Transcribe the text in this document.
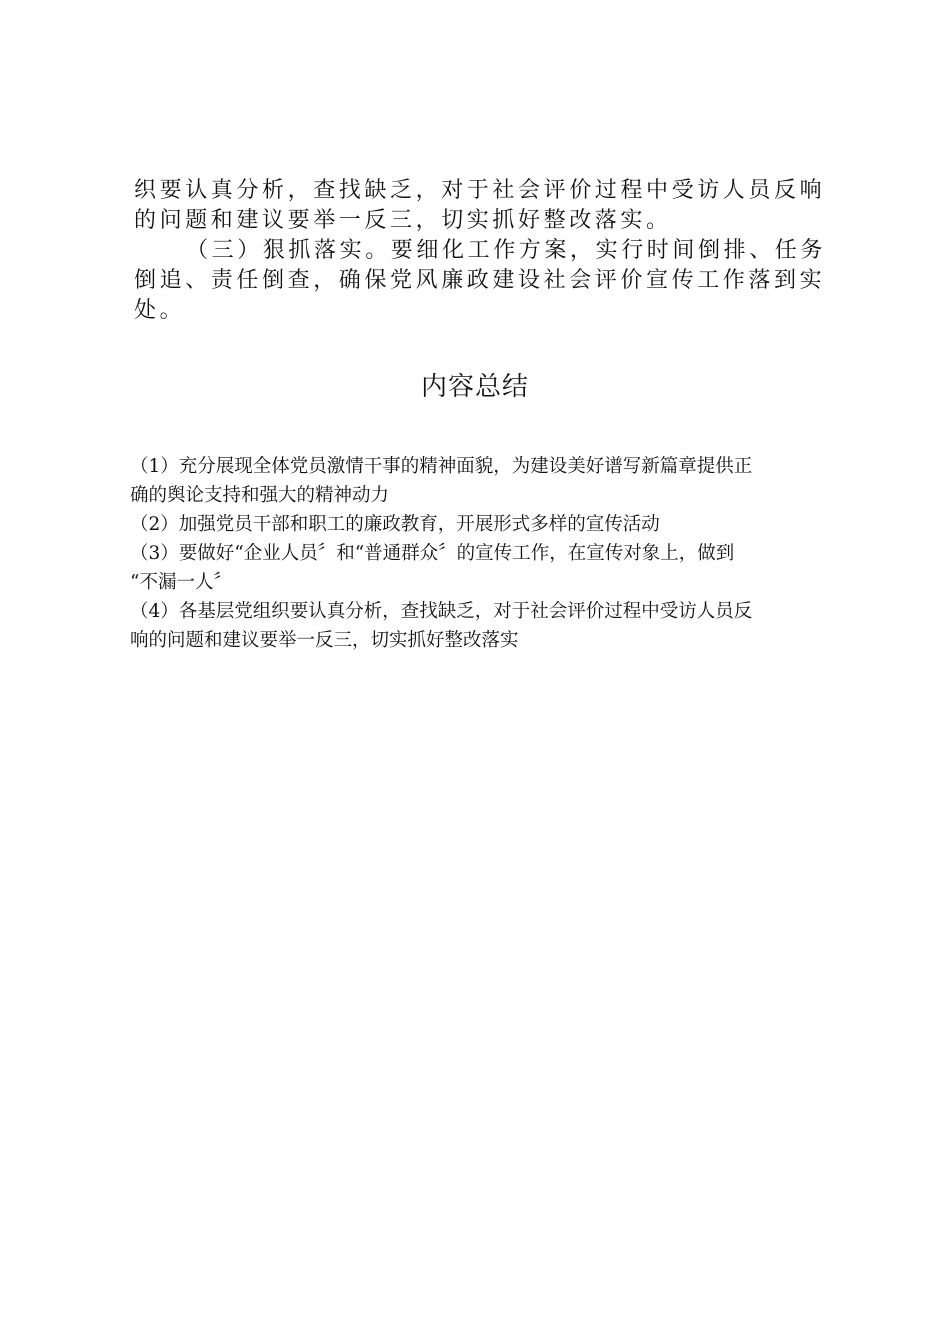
织要认真分析，查找缺乏，对于社会评价过程中受访人员反响
的问题和建议要举一反三，切实抓好整改落实。
（三）狠抓落实。要细化工作方案，实行时间倒排、任务
倒追、责任倒查，确保党风廉政建设社会评价宣传工作落到实
处。
内容总结
（1）充分展现全体党员激情干事的精神面貌，为建设美好谱写新篇章提供正
确的舆论支持和强大的精神动力
（2）加强党员干部和职工的廉政教育，开展形式多样的宣传活动
（3）要做好“企业人员〞和“普通群众〞的宣传工作，在宣传对象上，做到
“不漏一人〞
（4）各基层党组织要认真分析，查找缺乏，对于社会评价过程中受访人员反
响的问题和建议要举一反三，切实抓好整改落实
